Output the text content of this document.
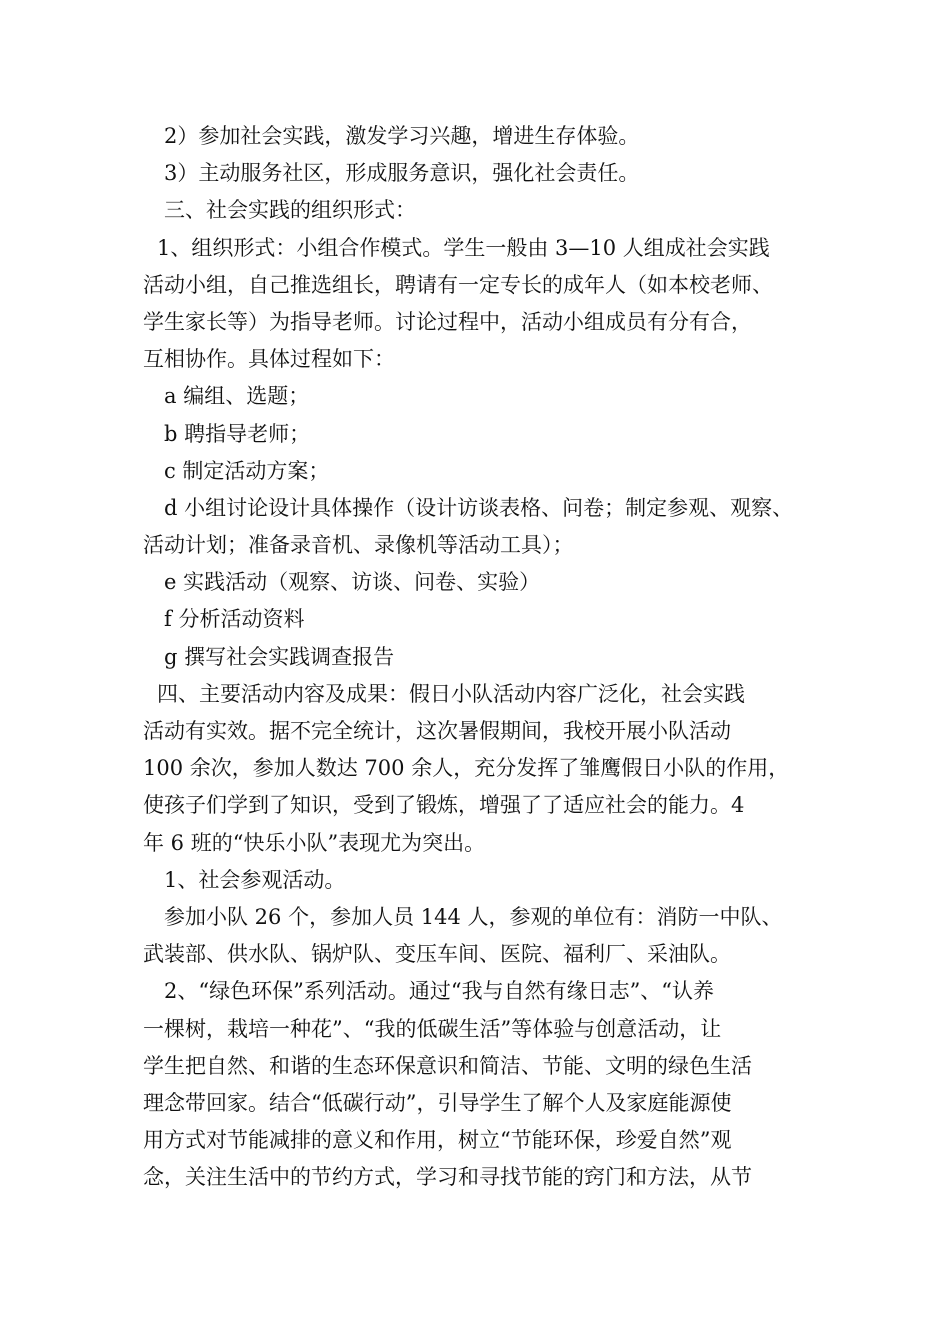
2）参加社会实践，激发学习兴趣，增进生存体验。
3）主动服务社区，形成服务意识，强化社会责任。
三、社会实践的组织形式：
1、组织形式：小组合作模式。学生一般由 3—10 人组成社会实践
活动小组，自己推选组长，聘请有一定专长的成年人（如本校老师、
学生家长等）为指导老师。讨论过程中，活动小组成员有分有合，
互相协作。具体过程如下：
a 编组、选题；
b 聘指导老师；
c 制定活动方案；
d 小组讨论设计具体操作（设计访谈表格、问卷；制定参观、观察、
活动计划；准备录音机、录像机等活动工具）；
e 实践活动（观察、访谈、问卷、实验）
f 分析活动资料
g 撰写社会实践调查报告
四、主要活动内容及成果：假日小队活动内容广泛化，社会实践
活动有实效。据不完全统计，这次暑假期间，我校开展小队活动
100 余次，参加人数达 700 余人，充分发挥了雏鹰假日小队的作用，
使孩子们学到了知识，受到了锻炼，增强了了适应社会的能力。4
年 6 班的“快乐小队”表现尤为突出。
1、社会参观活动。
参加小队 26 个，参加人员 144 人，参观的单位有：消防一中队、
武装部、供水队、锅炉队、变压车间、医院、福利厂、采油队。
2、“绿色环保”系列活动。通过“我与自然有缘日志”、“认养
一棵树，栽培一种花”、“我的低碳生活”等体验与创意活动，让
学生把自然、和谐的生态环保意识和简洁、节能、文明的绿色生活
理念带回家。结合“低碳行动”，引导学生了解个人及家庭能源使
用方式对节能减排的意义和作用，树立“节能环保，珍爱自然”观
念，关注生活中的节约方式，学习和寻找节能的窍门和方法，从节
